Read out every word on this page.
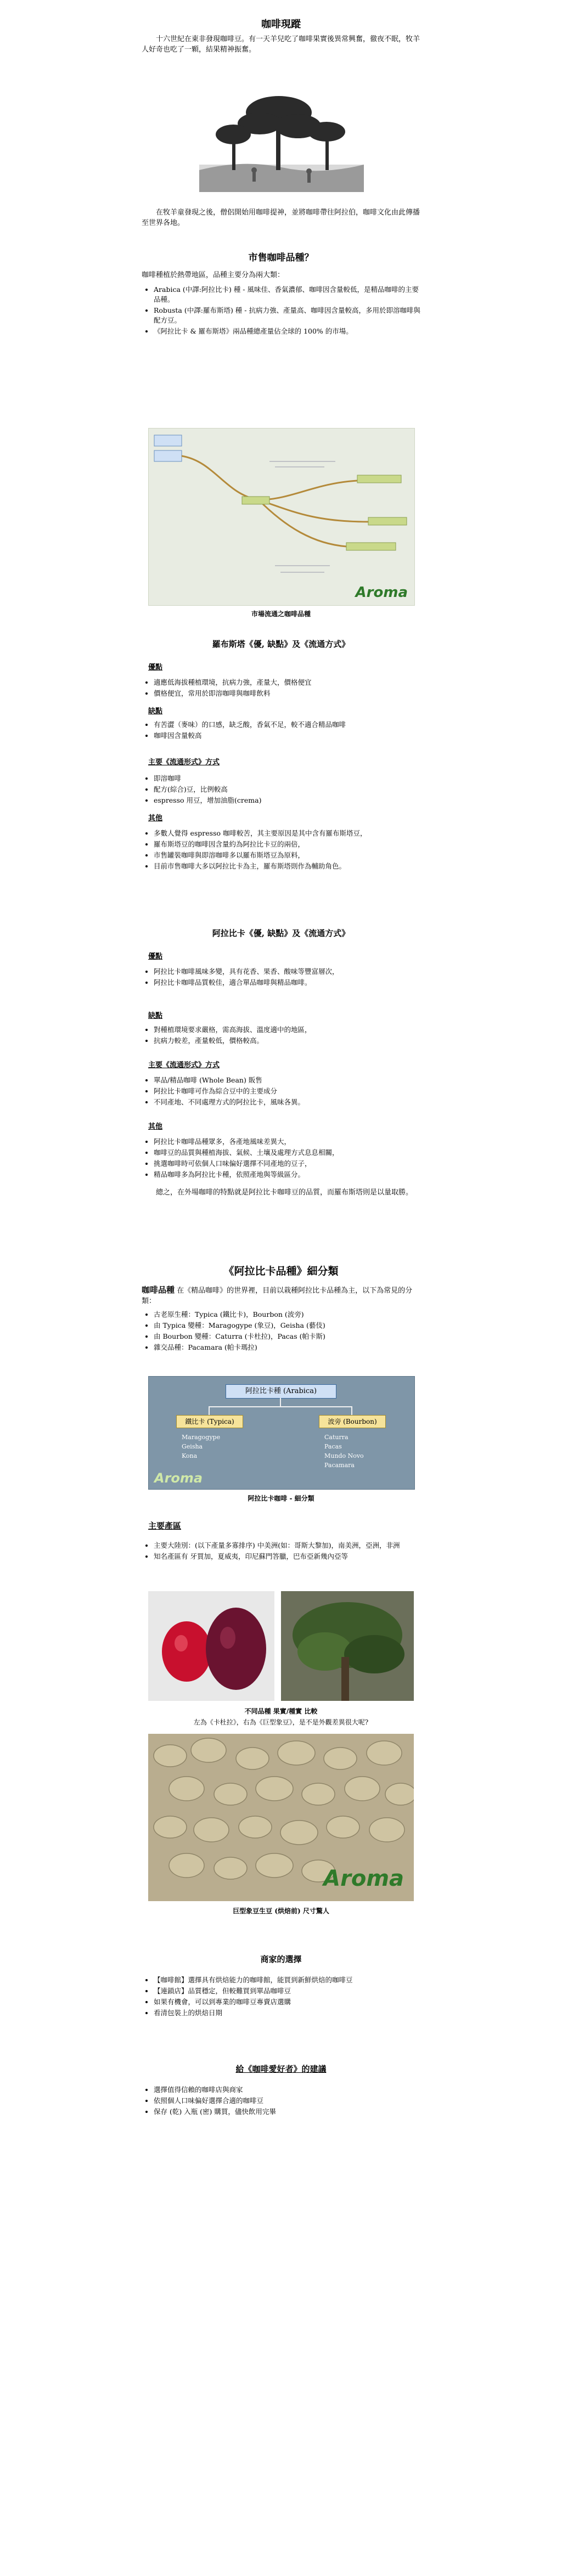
咖啡現蹤

十六世紀在東非發現咖啡豆。有一天羊兒吃了咖啡果實後異常興奮，徹夜不眠，牧羊人好奇也吃了一顆，結果精神振奮。

在牧羊童發現之後，僧侶開始用咖啡提神，並將咖啡帶往阿拉伯，咖啡文化由此傳播至世界各地。

市售咖啡品種？

咖啡種植於熱帶地區，品種主要分為兩大類：

• Arabica (中譯:阿拉比卡) 種 - 風味佳、香氣濃郁、咖啡因含量較低，是精品咖啡的主要品種。
• Robusta (中譯:羅布斯塔) 種 - 抗病力強、產量高、咖啡因含量較高，多用於即溶咖啡與配方豆。
• 《阿拉比卡 & 羅布斯塔》兩品種總產量佔全球的 100% 的市場。
Aroma
市場流通之咖啡品種
羅布斯塔《優, 缺點》及《流通方式》
優點
• 適應低海拔種植環境，抗病力強，產量大，價格便宜
• 價格便宜，常用於即溶咖啡與咖啡飲料
缺點
• 有苦澀（麥味）的口感，缺乏酸，香氣不足，較不適合精品咖啡
• 咖啡因含量較高
主要《流通形式》方式
• 即溶咖啡
• 配方(綜合)豆，比例較高
• espresso 用豆，增加油脂(crema)
其他
• 多數人覺得 espresso 咖啡較苦，其主要原因是其中含有羅布斯塔豆，
• 羅布斯塔豆的咖啡因含量約為阿拉比卡豆的兩倍，
• 市售罐裝咖啡與即溶咖啡多以羅布斯塔豆為原料，
• 目前市售咖啡大多以阿拉比卡為主，羅布斯塔則作為輔助角色。
阿拉比卡《優, 缺點》及《流通方式》
優點
• 阿拉比卡咖啡風味多變，具有花香、果香、酸味等豐富層次，
• 阿拉比卡咖啡品質較佳，適合單品咖啡與精品咖啡。
缺點
• 對種植環境要求嚴格，需高海拔、溫度適中的地區，
• 抗病力較差，產量較低，價格較高。
主要《流通形式》方式
• 單品/精品咖啡 (Whole Bean) 販售
• 阿拉比卡咖啡可作為綜合豆中的主要成分
• 不同產地、不同處理方式的阿拉比卡，風味各異。
其他
• 阿拉比卡咖啡品種眾多，各產地風味差異大，
• 咖啡豆的品質與種植海拔、氣候、土壤及處理方式息息相關，
• 挑選咖啡時可依個人口味偏好選擇不同產地的豆子，
• 精品咖啡多為阿拉比卡種，依照產地與等級區分。

總之，在外場咖啡的特點就是阿拉比卡咖啡豆的品質，而羅布斯塔則是以量取勝。

《阿拉比卡品種》細分類

咖啡品種 在《精品咖啡》的世界裡，目前以栽種阿拉比卡品種為主，以下為常見的分類：

• 古老原生種：Typica (鐵比卡)，Bourbon (波旁)
• 由 Typica 變種：Maragogype (象豆)，Geisha (藝伎)
• 由 Bourbon 變種：Caturra (卡杜拉)，Pacas (帕卡斯)
• 雜交品種：Pacamara (帕卡瑪拉)
阿拉比卡種 (Arabica)
鐵比卡 (Typica)	波旁 (Bourbon)
Maragogype
Geisha
Kona
Caturra
Pacas
Mundo Novo
Pacamara
Aroma
阿拉比卡咖啡 - 細分類
主要產區
• 主要大陸別：(以下產量多寡排序) 中美洲(如：哥斯大黎加)，南美洲，亞洲，非洲
• 知名產區有 牙買加，夏威夷，印尼蘇門答臘，巴布亞新幾內亞等
不同品種 果實/種實 比較

左為《卡杜拉》，右為《巨型象豆》，是不是外觀差異很大呢?

Aroma
巨型象豆生豆 (烘焙前) 尺寸驚人
商家的選擇
• 【咖啡館】選擇具有烘焙能力的咖啡館，能買到新鮮烘焙的咖啡豆
• 【連鎖店】品質穩定，但較難買到單品咖啡豆
• 如果有機會，可以到專業的咖啡豆專賣店選購
• 看清包裝上的烘焙日期
給《咖啡愛好者》的建議
• 選擇值得信賴的咖啡店與商家
• 依照個人口味偏好選擇合適的咖啡豆
• 保存 (乾) 入瓶 (密) 購買，儘快飲用完畢
